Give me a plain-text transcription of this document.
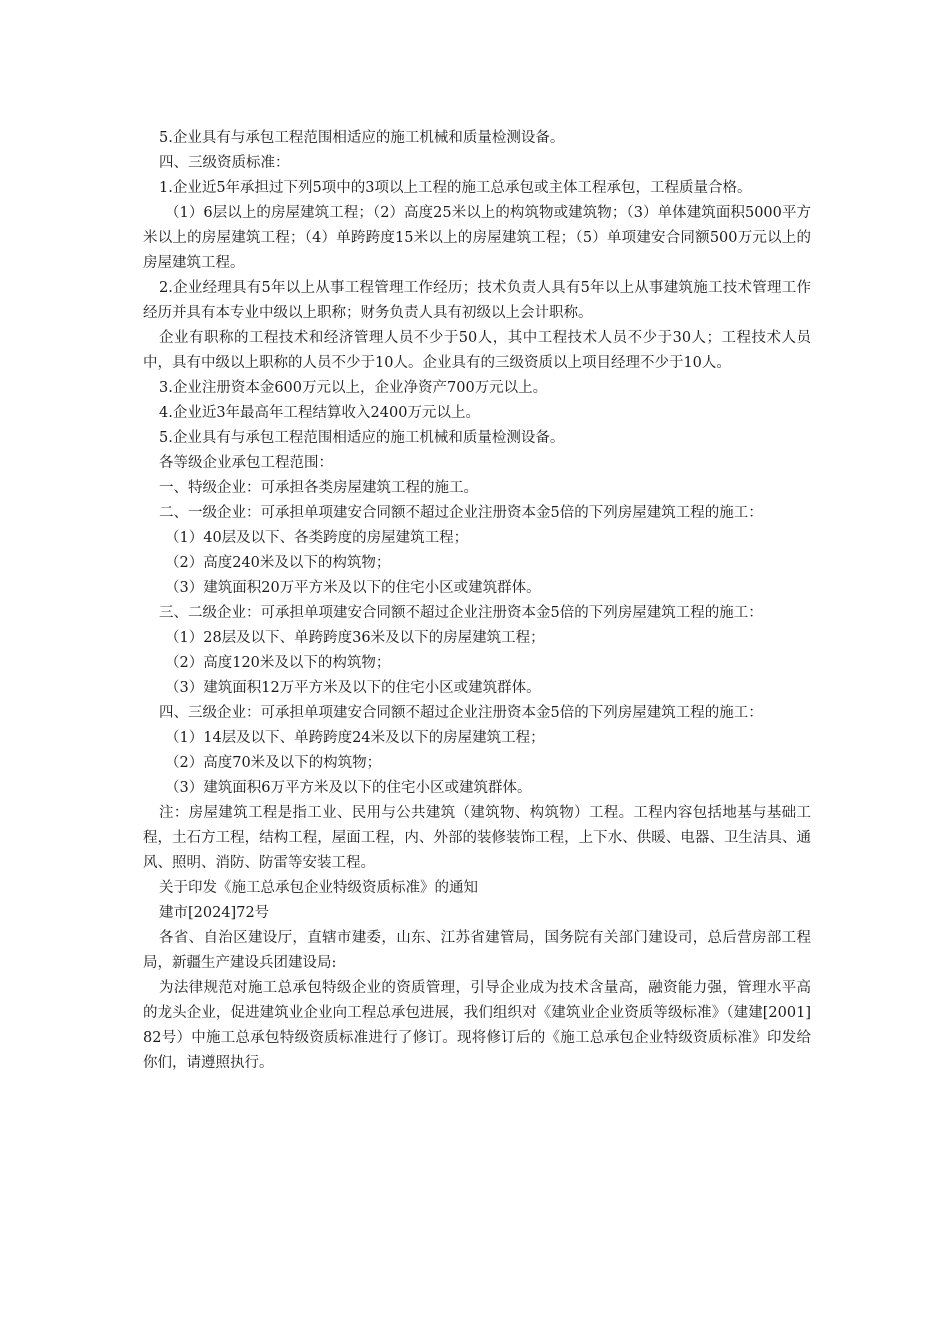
5.企业具有与承包工程范围相适应的施工机械和质量检测设备。

四、三级资质标准：

1.企业近5年承担过下列5项中的3项以上工程的施工总承包或主体工程承包，工程质量合格。

（1）6层以上的房屋建筑工程；（2）高度25米以上的构筑物或建筑物；（3）单体建筑面积5000平方米以上的房屋建筑工程；（4）单跨跨度15米以上的房屋建筑工程；（5）单项建安合同额500万元以上的房屋建筑工程。

2.企业经理具有5年以上从事工程管理工作经历；技术负责人具有5年以上从事建筑施工技术管理工作经历并具有本专业中级以上职称；财务负责人具有初级以上会计职称。

企业有职称的工程技术和经济管理人员不少于50人，其中工程技术人员不少于30人；工程技术人员中，具有中级以上职称的人员不少于10人。企业具有的三级资质以上项目经理不少于10人。

3.企业注册资本金600万元以上，企业净资产700万元以上。

4.企业近3年最高年工程结算收入2400万元以上。

5.企业具有与承包工程范围相适应的施工机械和质量检测设备。

各等级企业承包工程范围：

一、特级企业：可承担各类房屋建筑工程的施工。

二、一级企业：可承担单项建安合同额不超过企业注册资本金5倍的下列房屋建筑工程的施工：

（1）40层及以下、各类跨度的房屋建筑工程；

（2）高度240米及以下的构筑物；

（3）建筑面积20万平方米及以下的住宅小区或建筑群体。

三、二级企业：可承担单项建安合同额不超过企业注册资本金5倍的下列房屋建筑工程的施工：

（1）28层及以下、单跨跨度36米及以下的房屋建筑工程；

（2）高度120米及以下的构筑物；

（3）建筑面积12万平方米及以下的住宅小区或建筑群体。

四、三级企业：可承担单项建安合同额不超过企业注册资本金5倍的下列房屋建筑工程的施工：

（1）14层及以下、单跨跨度24米及以下的房屋建筑工程；

（2）高度70米及以下的构筑物；

（3）建筑面积6万平方米及以下的住宅小区或建筑群体。

注：房屋建筑工程是指工业、民用与公共建筑（建筑物、构筑物）工程。工程内容包括地基与基础工程，土石方工程，结构工程，屋面工程，内、外部的装修装饰工程，上下水、供暖、电器、卫生洁具、通风、照明、消防、防雷等安装工程。

关于印发《施工总承包企业特级资质标准》的通知

建市[2024]72号

各省、自治区建设厅，直辖市建委，山东、江苏省建管局，国务院有关部门建设司，总后营房部工程局，新疆生产建设兵团建设局:

为法律规范对施工总承包特级企业的资质管理，引导企业成为技术含量高，融资能力强，管理水平高的龙头企业，促进建筑业企业向工程总承包进展，我们组织对《建筑业企业资质等级标准》（建建[2001]82号）中施工总承包特级资质标准进行了修订。现将修订后的《施工总承包企业特级资质标准》印发给你们，请遵照执行。
